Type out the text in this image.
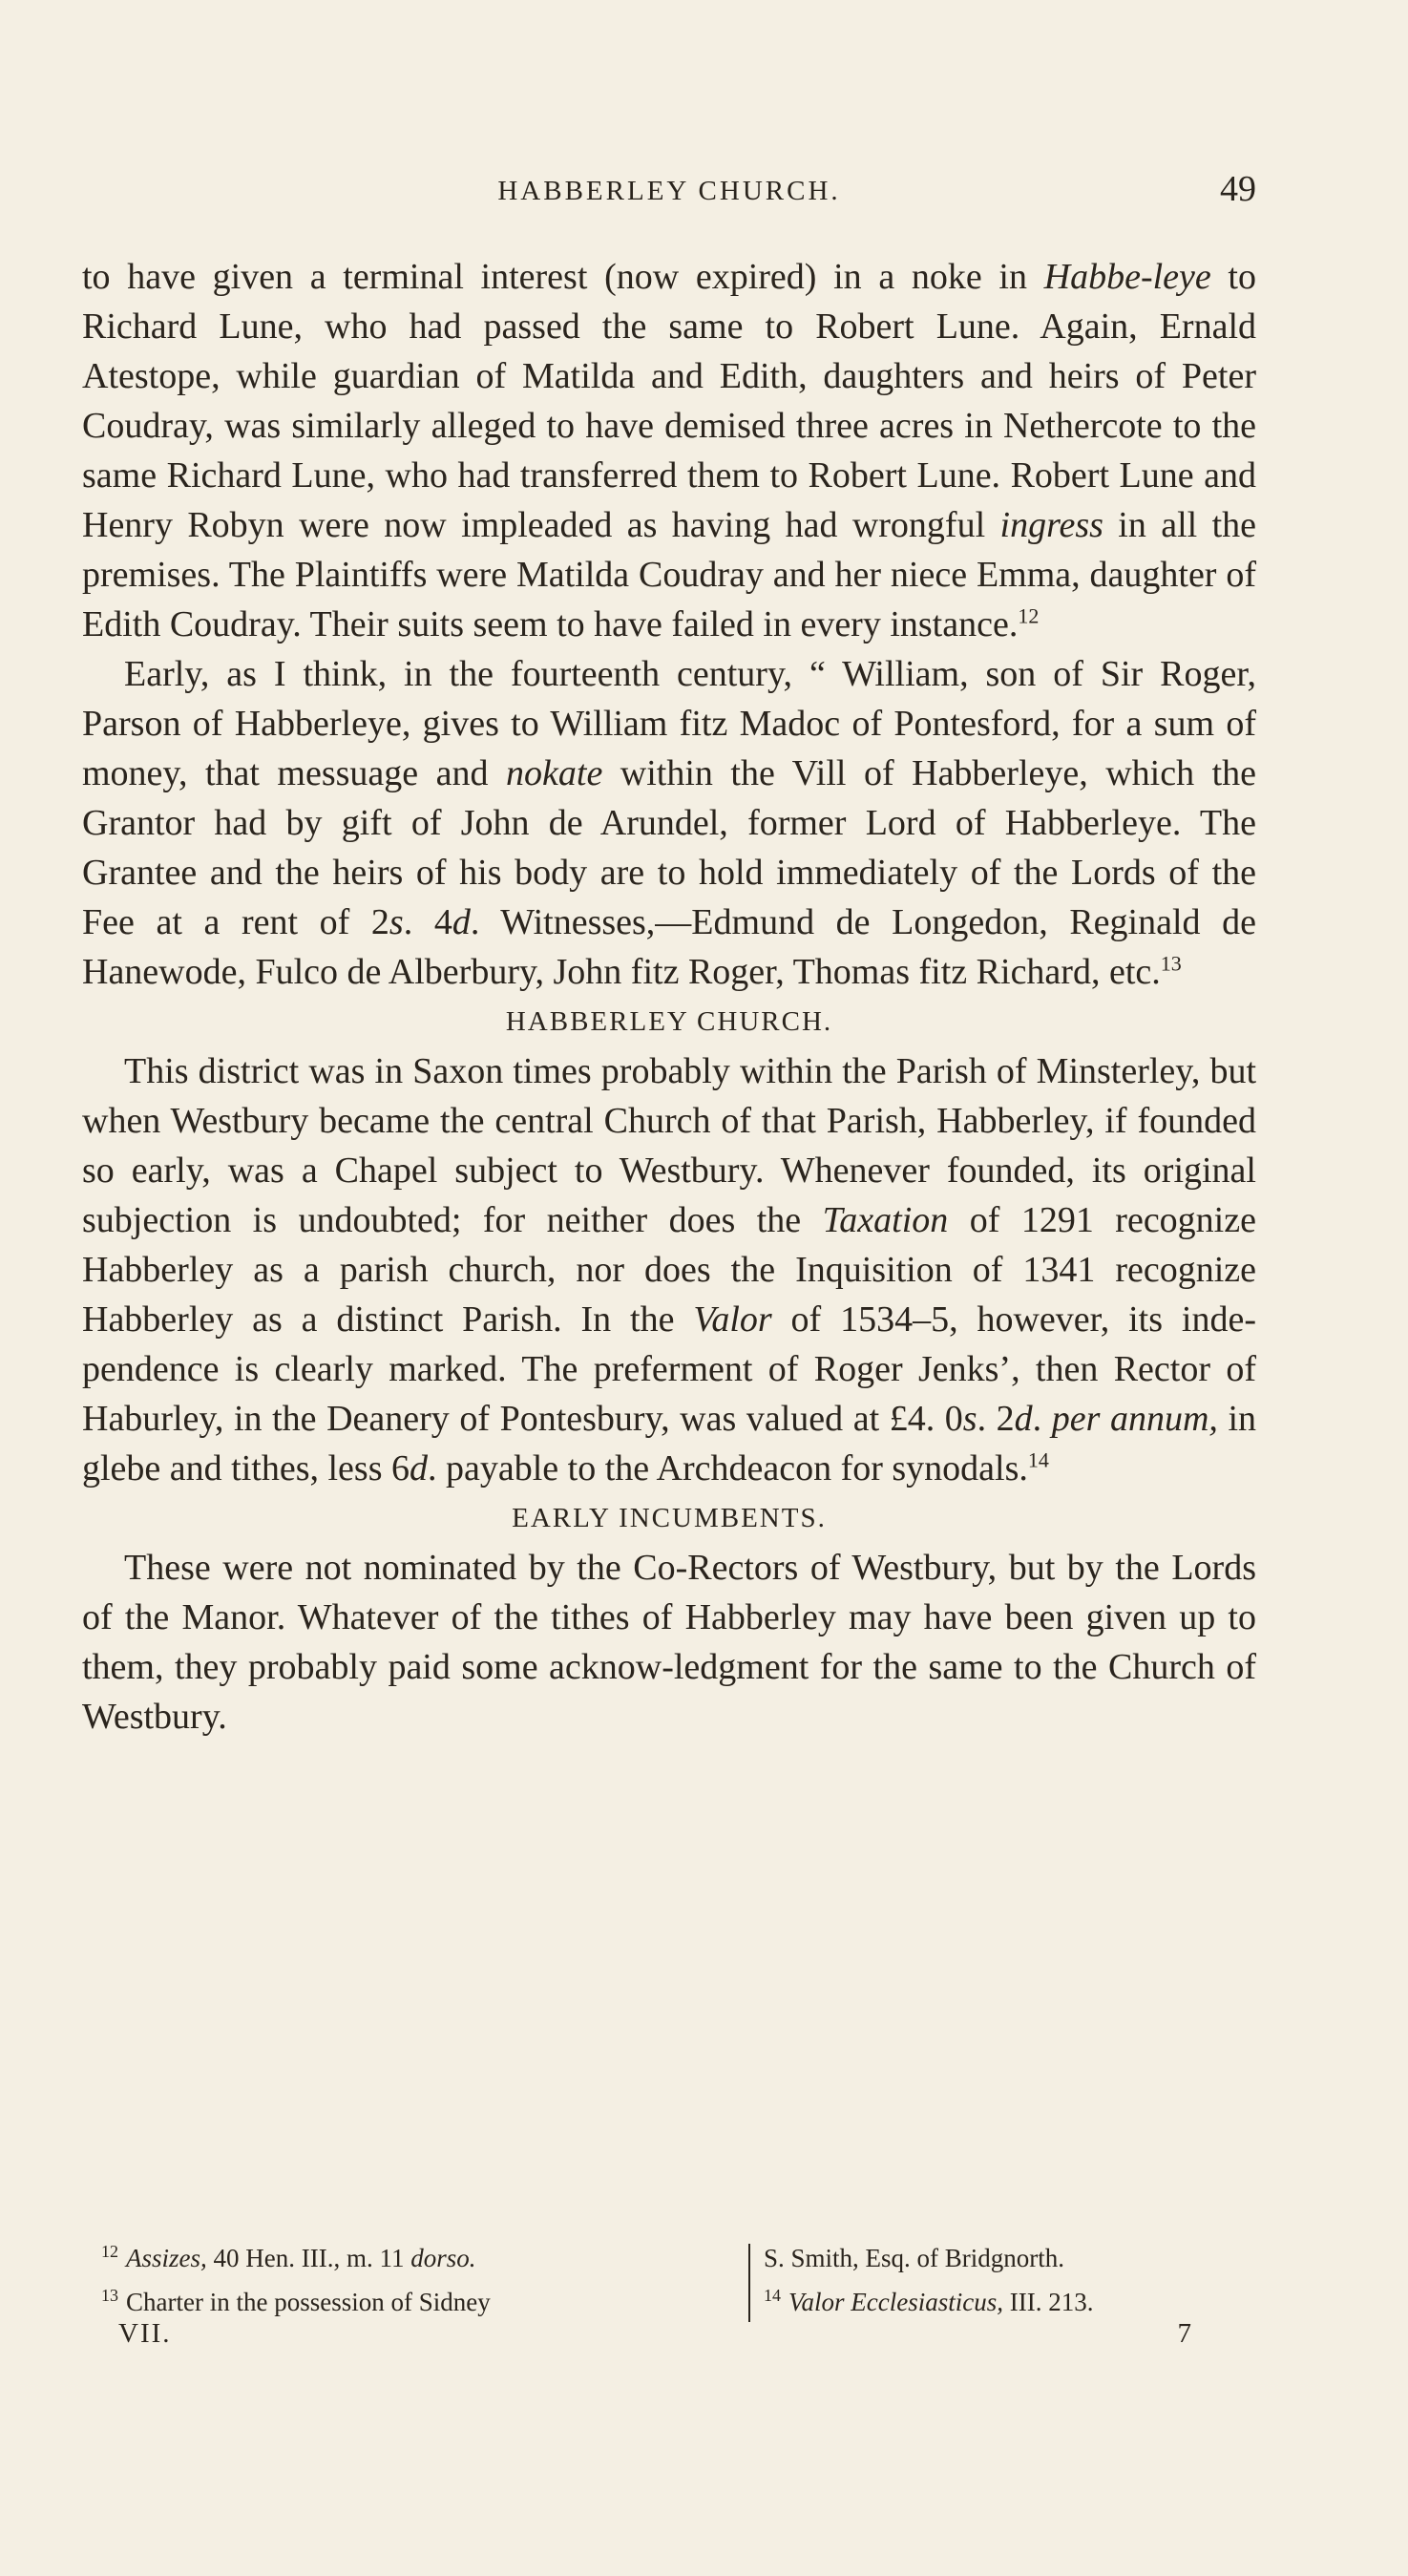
HABBERLEY CHURCH.	49

to have given a terminal interest (now expired) in a noke in Habbe-leye to Richard Lune, who had passed the same to Robert Lune. Again, Ernald Atestope, while guardian of Matilda and Edith, daughters and heirs of Peter Coudray, was similarly alleged to have demised three acres in Nethercote to the same Richard Lune, who had transferred them to Robert Lune. Robert Lune and Henry Robyn were now impleaded as having had wrongful ingress in all the premises. The Plaintiffs were Matilda Coudray and her niece Emma, daughter of Edith Coudray. Their suits seem to have failed in every instance.$^{12}$

Early, as I think, in the fourteenth century, “ William, son of Sir Roger, Parson of Habberleye, gives to William fitz Madoc of Pontesford, for a sum of money, that messuage and nokate within the Vill of Habberleye, which the Grantor had by gift of John de Arundel, former Lord of Habberleye. The Grantee and the heirs of his body are to hold immediately of the Lords of the Fee at a rent of 2s. 4d. Witnesses,—Edmund de Longedon, Reginald de Hanewode, Fulco de Alberbury, John fitz Roger, Thomas fitz Richard, etc.$^{13}$

HABBERLEY CHURCH.

This district was in Saxon times probably within the Parish of Minsterley, but when Westbury became the central Church of that Parish, Habberley, if founded so early, was a Chapel subject to Westbury. Whenever founded, its original subjection is undoubted; for neither does the Taxation of 1291 recognize Habberley as a parish church, nor does the Inquisition of 1341 recognize Habberley as a distinct Parish. In the Valor of 1534–5, however, its inde-pendence is clearly marked. The preferment of Roger Jenks’, then Rector of Haburley, in the Deanery of Pontesbury, was valued at £4. 0s. 2d. per annum, in glebe and tithes, less 6d. payable to the Archdeacon for synodals.$^{14}$

EARLY INCUMBENTS.

These were not nominated by the Co-Rectors of Westbury, but by the Lords of the Manor. Whatever of the tithes of Habberley may have been given up to them, they probably paid some acknow-ledgment for the same to the Church of Westbury.

$^{12}$ Assizes, 40 Hen. III., m. 11 dorso.
$^{13}$ Charter in the possession of Sidney
S. Smith, Esq. of Bridgnorth.
$^{14}$ Valor Ecclesiasticus, III. 213.
VII.	7
